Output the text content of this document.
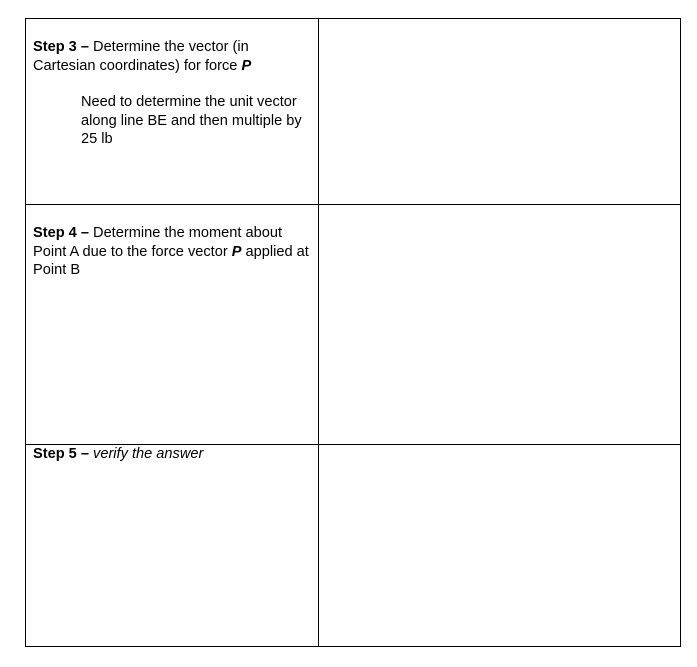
Step 3 – Determine the vector (in Cartesian coordinates) for force P
Need to determine the unit vector along line BE and then multiple by 25 lb	

Step 4 – Determine the moment about Point A due to the force vector P applied at Point B	

Step 5 – verify the answer	
